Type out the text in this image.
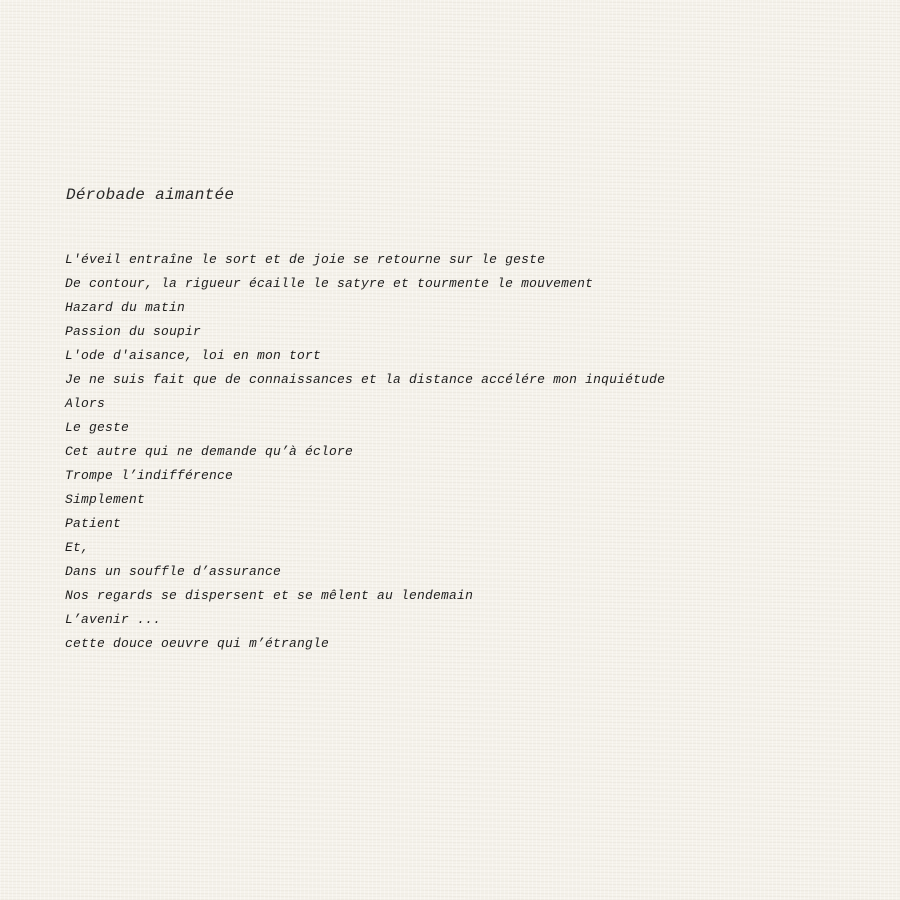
Dérobade aimantée
L'éveil entraîne le sort et de joie se retourne sur le geste
De contour, la rigueur écaille le satyre et tourmente le mouvement
Hazard du matin
Passion du soupir
L'ode d'aisance, loi en mon tort
Je ne suis fait que de connaissances et la distance accélére mon inquiétude
Alors
Le geste
Cet autre qui ne demande qu’à éclore
Trompe l’indifférence
Simplement
Patient
Et,
Dans un souffle d’assurance
Nos regards se dispersent et se mêlent au lendemain
L’avenir ...
cette douce oeuvre qui m’étrangle
